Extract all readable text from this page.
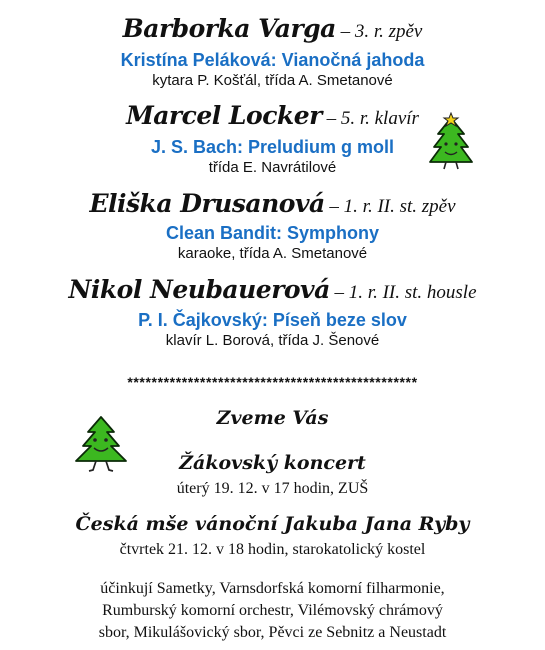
Barborka Varga – 3. r. zpěv
Kristína Peláková: Vianočná jahoda
kytara P. Košťál, třída A. Smetanové
Marcel Locker – 5. r. klavír
J. S. Bach: Preludium g moll
třída E. Navrátilové
Eliška Drusanová – 1. r. II. st. zpěv
Clean Bandit: Symphony
karaoke, třída A. Smetanové
Nikol Neubauerová – 1. r. II. st. housle
P. I. Čajkovský: Píseň beze slov
klavír L. Borová, třída J. Šenové
************************************************
Zveme Vás
Žákovský koncert
úterý 19. 12. v 17 hodin, ZUŠ
Česká mše vánoční Jakuba Jana Ryby
čtvrtek 21. 12. v 18 hodin, starokatolický kostel
účinkují Sametky, Varnsdorfská komorní filharmonie,
Rumburský komorní orchestr, Vilémovský chrámový
sbor, Mikulášovický sbor, Pěvci ze Sebnitz a Neustadt
